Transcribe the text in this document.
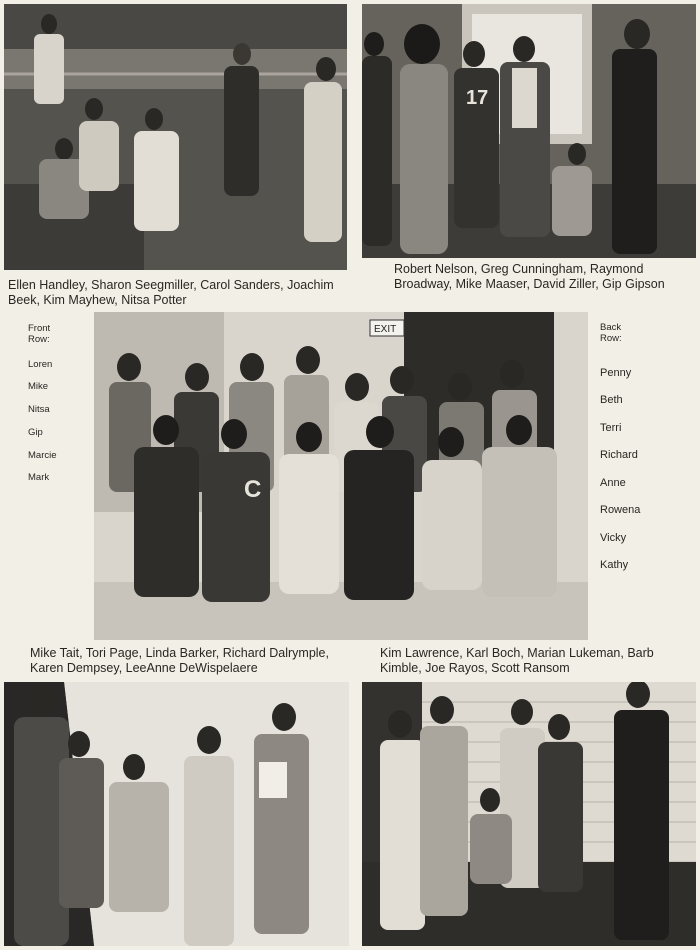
Ellen Handley, Sharon Seegmiller, Carol Sanders, Joachim Beek, Kim Mayhew, Nitsa Potter
17
Robert Nelson, Greg Cunningham, Raymond Broadway, Mike Maaser, David Ziller, Gip Gipson
Front
Row:
Loren
Mike
Nitsa
Gip
Marcie
Mark
EXIT
C
Back
Row:
Penny
Beth
Terri
Richard
Anne
Rowena
Vicky
Kathy
Mike Tait, Tori Page, Linda Barker, Richard Dalrymple, Karen Dempsey, LeeAnne DeWispelaere
Kim Lawrence, Karl Boch, Marian Lukeman, Barb Kimble, Joe Rayos, Scott Ransom
